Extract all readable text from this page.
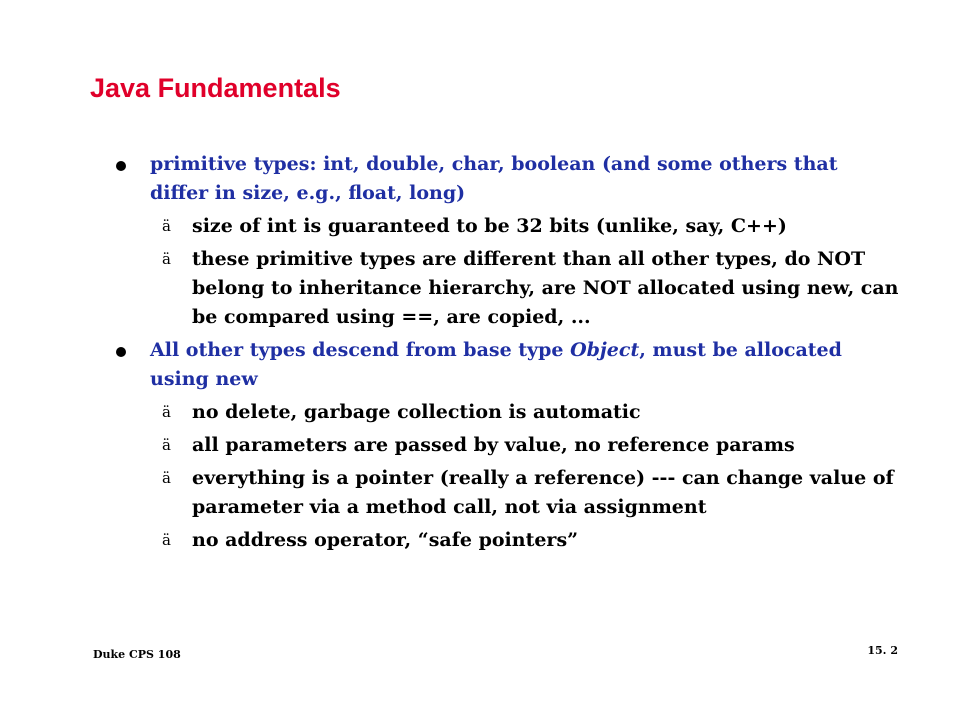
Java Fundamentals
primitive types: int, double, char, boolean (and some others that differ in size, e.g., float, long)
ä size of int is guaranteed to be 32 bits (unlike, say, C++)
ä these primitive types are different than all other types, do NOT belong to inheritance hierarchy, are NOT allocated using new, can be compared using ==, are copied, ...
All other types descend from base type Object, must be allocated using new
ä no delete, garbage collection is automatic
ä all parameters are passed by value, no reference params
ä everything is a pointer (really a reference) --- can change value of parameter via a method call, not via assignment
ä no address operator, “safe pointers”
Duke CPS 108	15. 2
